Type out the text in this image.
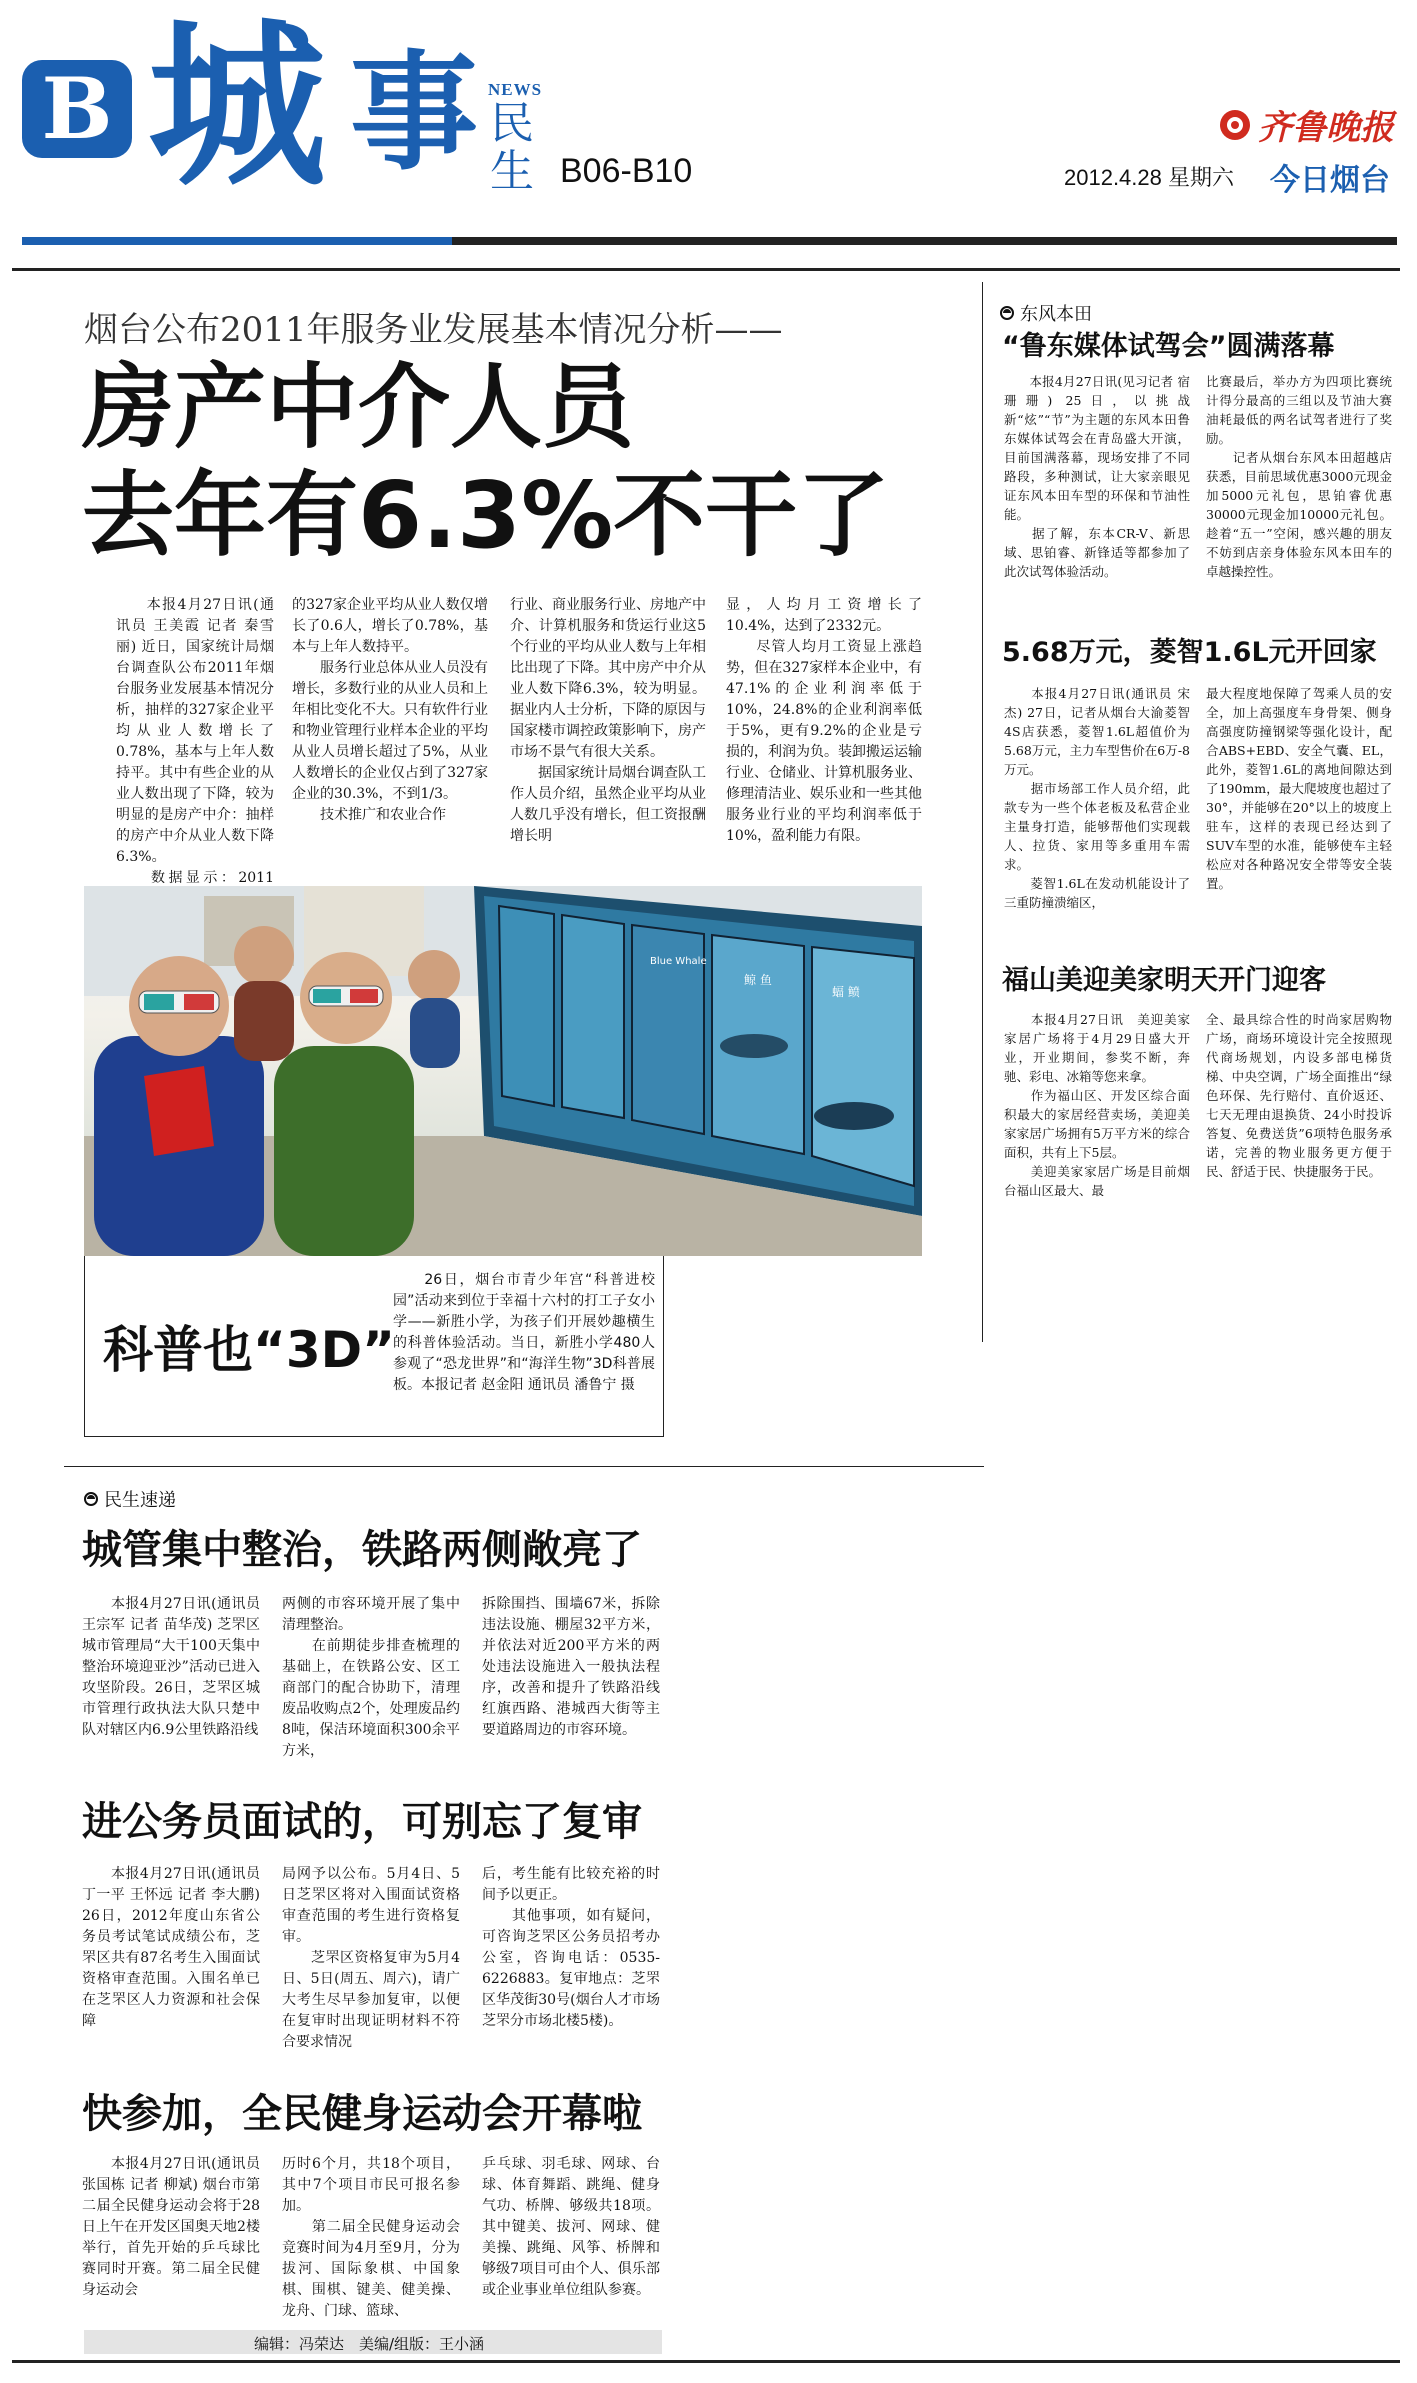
B 城 事 NEWS
民
生 B06-B10
齐鲁晚报
2012.4.28 星期六 今日烟台
烟台公布2011年服务业发展基本情况分析——
房产中介人员
去年有6.3%不干了
　　本报4月27日讯(通讯员 王美霞 记者 秦雪丽) 近日，国家统计局烟台调查队公布2011年烟台服务业发展基本情况分析，抽样的327家企业平均从业人数增长了0.78%，基本与上年人数持平。其中有些企业的从业人数出现了下降，较为明显的是房产中介：抽样的房产中介从业人数下降6.3%。
　　数据显示：2011
的327家企业平均从业人数仅增长了0.6人，增长了0.78%，基本与上年人数持平。
　　服务行业总体从业人员没有增长，多数行业的从业人员和上年相比变化不大。只有软件行业和物业管理行业样本企业的平均从业人员增长超过了5%，从业人数增长的企业仅占到了327家企业的30.3%，不到1/3。
　　技术推广和农业合作
行业、商业服务行业、房地产中介、计算机服务和货运行业这5个行业的平均从业人数与上年相比出现了下降。其中房产中介从业人数下降6.3%，较为明显。据业内人士分析，下降的原因与国家楼市调控政策影响下，房产市场不景气有很大关系。
　　据国家统计局烟台调查队工作人员介绍，虽然企业平均从业人数几乎没有增长，但工资报酬增长明
显，人均月工资增长了10.4%，达到了2332元。
　　尽管人均月工资显上涨趋势，但在327家样本企业中，有47.1%的企业利润率低于10%，24.8%的企业利润率低于5%，更有9.2%的企业是亏损的，利润为负。装卸搬运运输行业、仓储业、计算机服务业、修理清洁业、娱乐业和一些其他服务业行业的平均利润率低于10%，盈利能力有限。
鲸 鱼
Blue Whale
蝠 鲼
科普也“3D”
　　26日，烟台市青少年宫“科普进校园”活动来到位于幸福十六村的打工子女小学——新胜小学，为孩子们开展妙趣横生的科普体验活动。当日，新胜小学480人参观了“恐龙世界”和“海洋生物”3D科普展板。本报记者 赵金阳 通讯员 潘鲁宁 摄
东风本田
“鲁东媒体试驾会”圆满落幕
　　本报4月27日讯(见习记者 宿珊珊) 25日，以挑战新“炫”“节”为主题的东风本田鲁东媒体试驾会在青岛盛大开演，目前国满落幕，现场安排了不同路段，多种测试，让大家亲眼见证东风本田车型的环保和节油性能。
　　据了解，东本CR-V、新思域、思铂睿、新锋适等都参加了此次试驾体验活动。
比赛最后，举办方为四项比赛统计得分最高的三组以及节油大赛油耗最低的两名试驾者进行了奖励。
　　记者从烟台东风本田超越店获悉，目前思域优惠3000元现金加5000元礼包，思铂睿优惠30000元现金加10000元礼包。趁着“五一”空闲，感兴趣的朋友不妨到店亲身体验东风本田车的卓越操控性。
5.68万元，菱智1.6L元开回家
　　本报4月27日讯(通讯员 宋杰) 27日，记者从烟台大渝菱智4S店获悉，菱智1.6L超值价为5.68万元，主力车型售价在6万-8万元。
　　据市场部工作人员介绍，此款专为一些个体老板及私营企业主量身打造，能够帮他们实现载人、拉货、家用等多重用车需求。
　　菱智1.6L在发动机能设计了三重防撞溃缩区，
最大程度地保障了驾乘人员的安全，加上高强度车身骨架、侧身高强度防撞钢梁等强化设计，配合ABS+EBD、安全气囊、EL，此外，菱智1.6L的离地间隙达到了190mm，最大爬坡度也超过了30°，并能够在20°以上的坡度上驻车，这样的表现已经达到了SUV车型的水准，能够使车主轻松应对各种路况安全带等安全装置。
福山美迎美家明天开门迎客
　　本报4月27日讯　美迎美家家居广场将于4月29日盛大开业，开业期间，参奖不断，奔驰、彩电、冰箱等您来拿。
　　作为福山区、开发区综合面积最大的家居经营卖场，美迎美家家居广场拥有5万平方米的综合面积，共有上下5层。
　　美迎美家家居广场是目前烟台福山区最大、最
全、最具综合性的时尚家居购物广场，商场环境设计完全按照现代商场规划，内设多部电梯货梯、中央空调，广场全面推出“绿色环保、先行赔付、直价返还、七天无理由退换货、24小时投诉答复、免费送货”6项特色服务承诺，完善的物业服务更方便于民、舒适于民、快捷服务于民。
民生速递
城管集中整治，铁路两侧敞亮了
　　本报4月27日讯(通讯员 王宗军 记者 苗华茂) 芝罘区城市管理局“大干100天集中整治环境迎亚沙”活动已进入攻坚阶段。26日，芝罘区城市管理行政执法大队只楚中队对辖区内6.9公里铁路沿线
两侧的市容环境开展了集中清理整治。
　　在前期徒步排查梳理的基础上，在铁路公安、区工商部门的配合协助下，清理废品收购点2个，处理废品约8吨，保洁环境面积300余平方米，
拆除围挡、围墙67米，拆除违法设施、棚屋32平方米，并依法对近200平方米的两处违法设施进入一般执法程序，改善和提升了铁路沿线红旗西路、港城西大街等主要道路周边的市容环境。
进公务员面试的，可别忘了复审
　　本报4月27日讯(通讯员 丁一平 王怀远 记者 李大鹏) 26日，2012年度山东省公务员考试笔试成绩公布，芝罘区共有87名考生入围面试资格审查范围。入围名单已在芝罘区人力资源和社会保障
局网予以公布。5月4日、5日芝罘区将对入围面试资格审查范围的考生进行资格复审。
　　芝罘区资格复审为5月4日、5日(周五、周六)，请广大考生尽早参加复审，以便在复审时出现证明材料不符合要求情况
后，考生能有比较充裕的时间予以更正。
　　其他事项，如有疑问，可咨询芝罘区公务员招考办公室，咨询电话：0535-6226883。复审地点：芝罘区华茂街30号(烟台人才市场芝罘分市场北楼5楼)。
快参加，全民健身运动会开幕啦
　　本报4月27日讯(通讯员 张国栋 记者 柳斌) 烟台市第二届全民健身运动会将于28日上午在开发区国奥天地2楼举行，首先开始的乒乓球比赛同时开赛。第二届全民健身运动会
历时6个月，共18个项目，其中7个项目市民可报名参加。
　　第二届全民健身运动会竞赛时间为4月至9月，分为拔河、国际象棋、中国象棋、围棋、键美、健美操、龙舟、门球、篮球、
乒乓球、羽毛球、网球、台球、体育舞蹈、跳绳、健身气功、桥牌、够级共18项。其中键美、拔河、网球、健美操、跳绳、风筝、桥牌和够级7项目可由个人、俱乐部或企业事业单位组队参赛。
编辑：冯荣达　美编/组版：王小涵
